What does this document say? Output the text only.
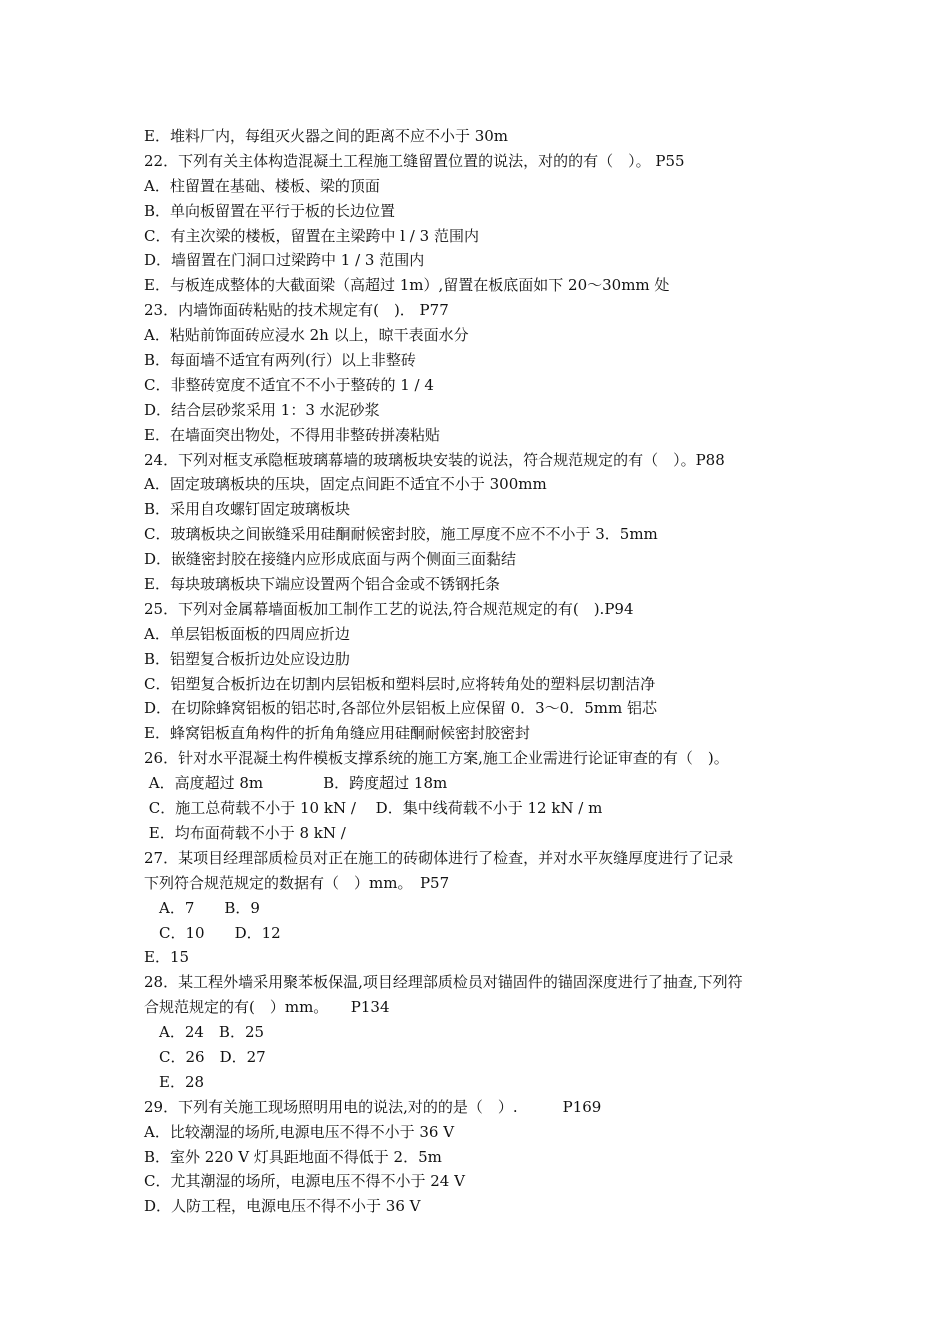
E．堆料厂内，每组灭火器之间的距离不应不小于 30m
22．下列有关主体构造混凝土工程施工缝留置位置的说法，对的的有（　）。 P55
A．柱留置在基础、楼板、梁的顶面
B．单向板留置在平行于板的长边位置
C．有主次梁的楼板，留置在主梁跨中 l / 3 范围内
D．墙留置在门洞口过梁跨中 1 / 3 范围内
E．与板连成整体的大截面梁（高超过 1m）,留置在板底面如下 20～30mm 处
23．内墙饰面砖粘贴的技术规定有(　)． P77
A．粘贴前饰面砖应浸水 2h 以上，晾干表面水分
B．每面墙不适宜有两列(行）以上非整砖
C．非整砖宽度不适宜不不小于整砖的 1 / 4
D．结合层砂浆采用 1：3 水泥砂浆
E．在墙面突出物处，不得用非整砖拼凑粘贴
24．下列对框支承隐框玻璃幕墙的玻璃板块安装的说法，符合规范规定的有（　）。P88
A．固定玻璃板块的压块，固定点间距不适宜不小于 300mm
B．采用自攻螺钉固定玻璃板块
C．玻璃板块之间嵌缝采用硅酮耐候密封胶，施工厚度不应不不小于 3．5mm
D．嵌缝密封胶在接缝内应形成底面与两个侧面三面黏结
E．每块玻璃板块下端应设置两个铝合金或不锈钢托条
25．下列对金属幕墙面板加工制作工艺的说法,符合规范规定的有(　).P94
A．单层铝板面板的四周应折边
B．铝塑复合板折边处应设边肋
C．铝塑复合板折边在切割内层铝板和塑料层时,应将转角处的塑料层切割洁净
D．在切除蜂窝铝板的铝芯时,各部位外层铝板上应保留 0．3～0．5mm 铝芯
E．蜂窝铝板直角构件的折角角缝应用硅酮耐候密封胶密封
26．针对水平混凝土构件模板支撑系统的施工方案,施工企业需进行论证审查的有（　)。
A．高度超过 8m　　　　B．跨度超过 18m
C．施工总荷载不小于 10 kN /　 D．集中线荷载不小于 12 kN / m
E．均布面荷载不小于 8 kN /
27．某项目经理部质检员对正在施工的砖砌体进行了检查，并对水平灰缝厚度进行了记录
下列符合规范规定的数据有（　）mm。　P57
　A．7　　B．9
　C．10　　D．12
E．15
28．某工程外墙采用聚苯板保温,项目经理部质检员对锚固件的锚固深度进行了抽查,下列符
合规范规定的有(　）mm。　　P134
　A．24　B．25
　C．26　D．27
　E．28
29．下列有关施工现场照明用电的说法,对的的是（　）.　　　P169
A．比较潮湿的场所,电源电压不得不小于 36 V
B．室外 220 V 灯具距地面不得低于 2．5m
C．尤其潮湿的场所，电源电压不得不小于 24 V
D．人防工程，电源电压不得不小于 36 V
